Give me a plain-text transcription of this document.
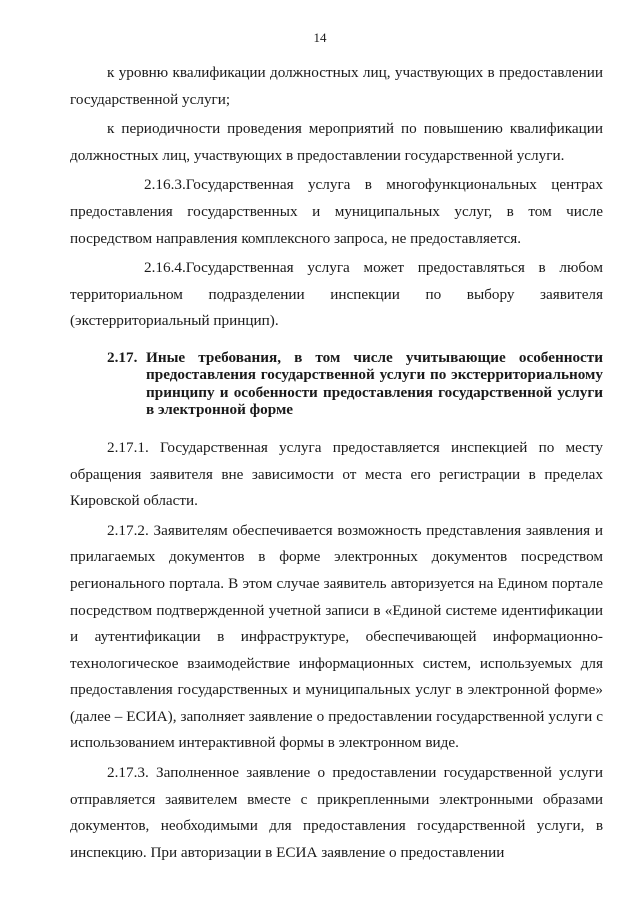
14

к уровню квалификации должностных лиц, участвующих в предоставлении государственной услуги;

к периодичности проведения мероприятий по повышению квалификации должностных лиц, участвующих в предоставлении государственной услуги.

2.16.3.Государственная услуга в многофункциональных центрах предоставления государственных и муниципальных услуг, в том числе посредством направления комплексного запроса, не предоставляется.

2.16.4.Государственная услуга может предоставляться в любом территориальном подразделении инспекции по выбору заявителя (экстерриториальный принцип).

2.17. Иные требования, в том числе учитывающие особенности предоставления государственной услуги по экстерриториальному принципу и особенности предоставления государственной услуги в электронной форме

2.17.1. Государственная услуга предоставляется инспекцией по месту обращения заявителя вне зависимости от места его регистрации в пределах Кировской области.

2.17.2. Заявителям обеспечивается возможность представления заявления и прилагаемых документов в форме электронных документов посредством регионального портала. В этом случае заявитель авторизуется на Едином портале посредством подтвержденной учетной записи в «Единой системе идентификации и аутентификации в инфраструктуре, обеспечивающей информационно-технологическое взаимодействие информационных систем, используемых для предоставления государственных и муниципальных услуг в электронной форме» (далее – ЕСИА), заполняет заявление о предоставлении государственной услуги с использованием интерактивной формы в электронном виде.

2.17.3. Заполненное заявление о предоставлении государственной услуги отправляется заявителем вместе с прикрепленными электронными образами документов, необходимыми для предоставления государственной услуги, в инспекцию. При авторизации в ЕСИА заявление о предоставлении
